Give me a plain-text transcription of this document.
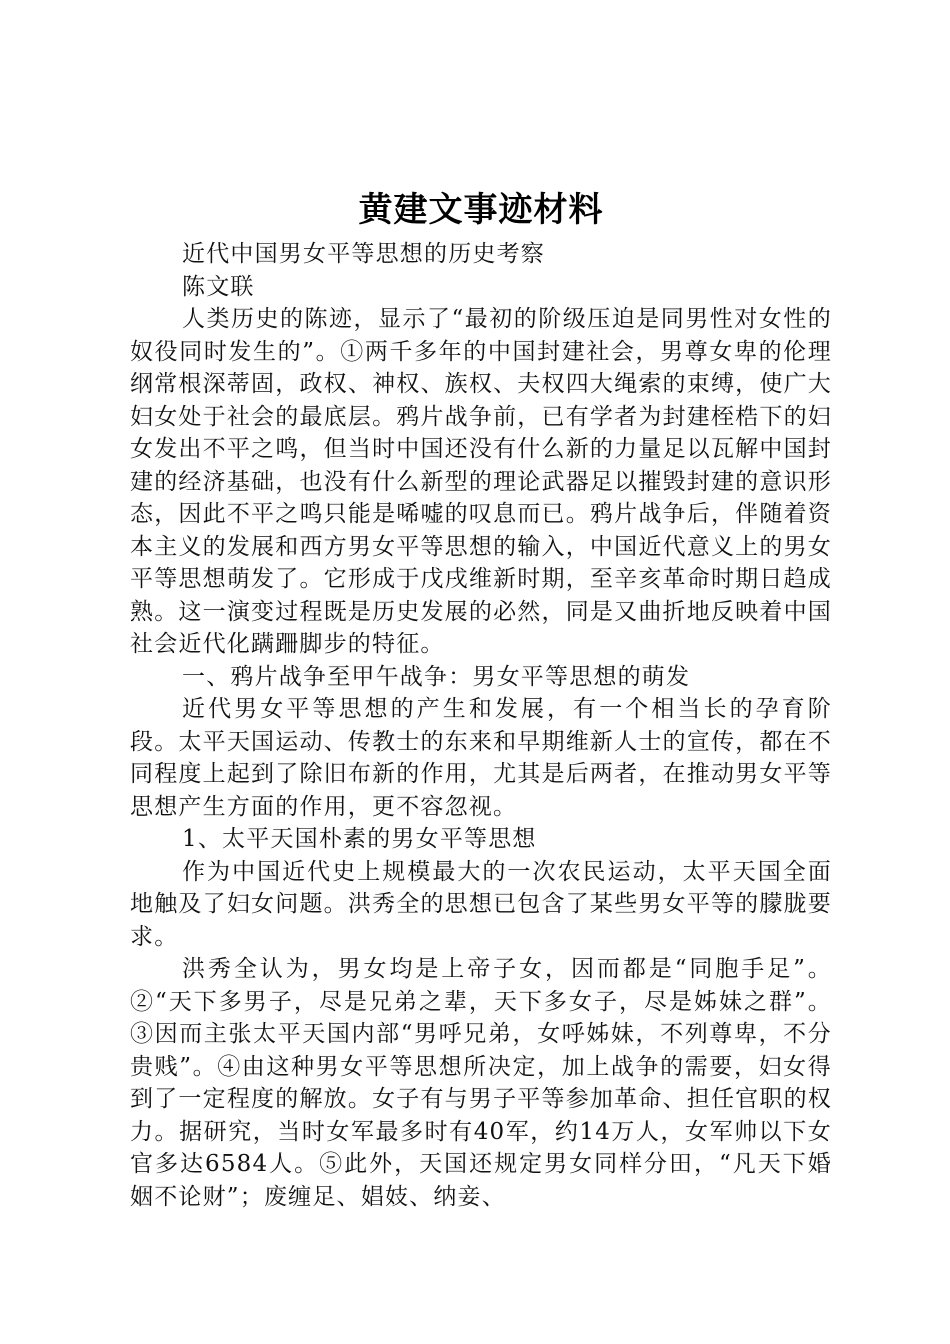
黄建文事迹材料

近代中国男女平等思想的历史考察

陈文联

人类历史的陈迹，显示了“最初的阶级压迫是同男性对女性的奴役同时发生的”。①两千多年的中国封建社会，男尊女卑的伦理纲常根深蒂固，政权、神权、族权、夫权四大绳索的束缚，使广大妇女处于社会的最底层。鸦片战争前，已有学者为封建桎梏下的妇女发出不平之鸣，但当时中国还没有什么新的力量足以瓦解中国封建的经济基础，也没有什么新型的理论武器足以摧毁封建的意识形态，因此不平之鸣只能是唏嘘的叹息而已。鸦片战争后，伴随着资本主义的发展和西方男女平等思想的输入，中国近代意义上的男女平等思想萌发了。它形成于戊戌维新时期，至辛亥革命时期日趋成熟。这一演变过程既是历史发展的必然，同是又曲折地反映着中国社会近代化蹒跚脚步的特征。

一、鸦片战争至甲午战争：男女平等思想的萌发

近代男女平等思想的产生和发展，有一个相当长的孕育阶段。太平天国运动、传教士的东来和早期维新人士的宣传，都在不同程度上起到了除旧布新的作用，尤其是后两者，在推动男女平等思想产生方面的作用，更不容忽视。

1、太平天国朴素的男女平等思想

作为中国近代史上规模最大的一次农民运动，太平天国全面地触及了妇女问题。洪秀全的思想已包含了某些男女平等的朦胧要求。

洪秀全认为，男女均是上帝子女，因而都是“同胞手足”。②“天下多男子，尽是兄弟之辈，天下多女子，尽是姊妹之群”。③因而主张太平天国内部“男呼兄弟，女呼姊妹，不列尊卑，不分贵贱”。④由这种男女平等思想所决定，加上战争的需要，妇女得到了一定程度的解放。女子有与男子平等参加革命、担任官职的权力。据研究，当时女军最多时有40军，约14万人，女军帅以下女官多达6584人。⑤此外，天国还规定男女同样分田，“凡天下婚姻不论财”；废缠足、娼妓、纳妾、
